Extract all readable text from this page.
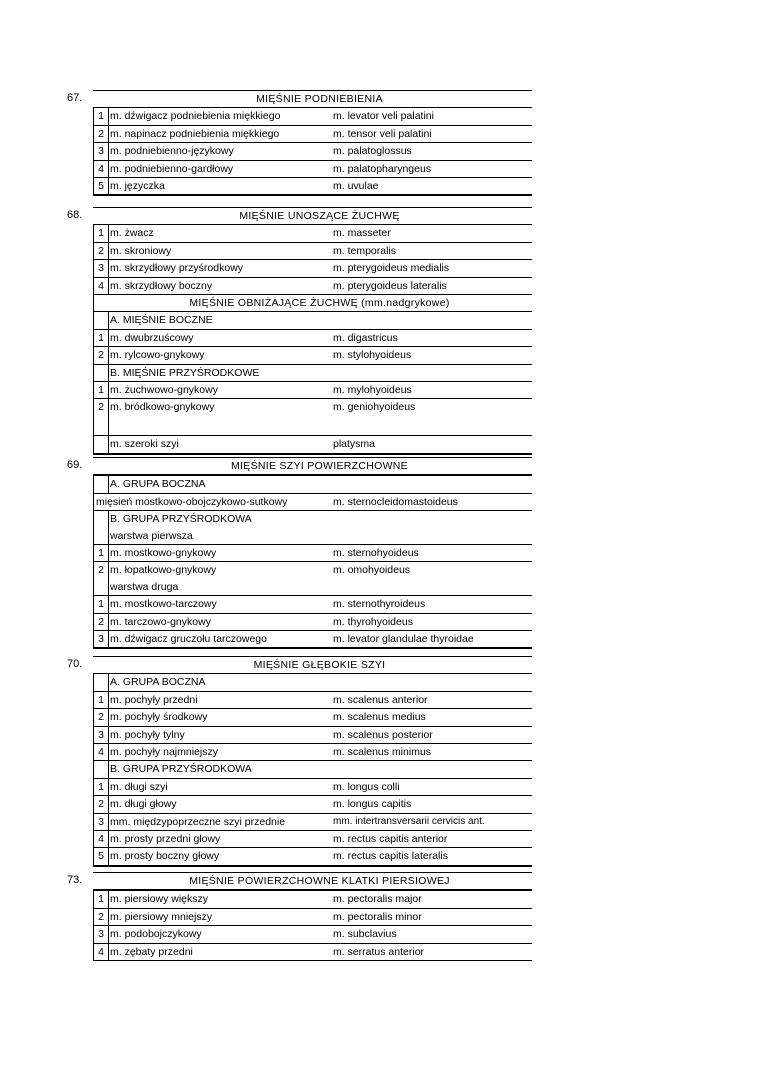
67.	MIĘŚNIE PODNIEBIENIA
1 m. dźwigacz podniebienia miękkiego	m. levator veli palatini
2 m. napinacz podniebienia miękkiego	m. tensor veli palatini
3 m. podniebienno-językowy	m. palatoglossus
4 m. podniebienno-gardłowy	m. palatopharyngeus
5 m. języczka	m. uvulae
68.	MIĘŚNIE UNOSZĄCE ŻUCHWĘ
1 m. żwacz	m. masseter
2 m. skroniowy	m. temporalis
3 m. skrzydłowy przyśrodkowy	m. pterygoideus medialis
4 m. skrzydłowy boczny	m. pterygoideus lateralis
MIĘŚNIE OBNIŻAJĄCE ŻUCHWĘ (mm.nadgrykowe)
A. MIĘŚNIE BOCZNE
1 m. dwubrzuścowy	m. digastricus
2 m. rylcowo-gnykowy	m. stylohyoideus
B. MIĘŚNIE PRZYŚRODKOWE
1 m. żuchwowo-gnykowy	m. mylohyoideus
2 m. bródkowo-gnykowy	m. geniohyoideus
m. szeroki szyi	platysma
69.	MIĘŚNIE SZYI POWIERZCHOWNE
A. GRUPA BOCZNA
mięsień mostkowo-obojczykowo-sutkowy	m. sternocleidomastoideus
B. GRUPA PRZYŚRODKOWA
warstwa pierwsza
1 m. mostkowo-gnykowy	m. sternohyoideus
2 m. łopatkowo-gnykowy	m. omohyoideus
warstwa druga
1 m. mostkowo-tarczowy	m. sternothyroideus
2 m. tarczowo-gnykowy	m. thyrohyoideus
3 m. dźwigacz gruczołu tarczowego	m. levator glandulae thyroidae
70.	MIĘŚNIE GŁĘBOKIE SZYI
A. GRUPA BOCZNA
1 m. pochyły przedni	m. scalenus anterior
2 m. pochyły środkowy	m. scalenus medius
3 m. pochyły tylny	m. scalenus posterior
4 m. pochyły najmniejszy	m. scalenus minimus
B. GRUPA PRZYŚRODKOWA
1 m. długi szyi	m. longus colli
2 m. długi głowy	m. longus capitis
3 mm. międzypoprzeczne szyi przednie	mm. intertransversarii cervicis ant.
4 m. prosty przedni głowy	m. rectus capitis anterior
5 m. prosty boczny głowy	m. rectus capitis lateralis
73.	MIĘŚNIE POWIERZCHOWNE KLATKI PIERSIOWEJ
1 m. piersiowy większy	m. pectoralis major
2 m. piersiowy mniejszy	m. pectoralis minor
3 m. podobojczykowy	m. subclavius
4 m. zębaty przedni	m. serratus anterior
